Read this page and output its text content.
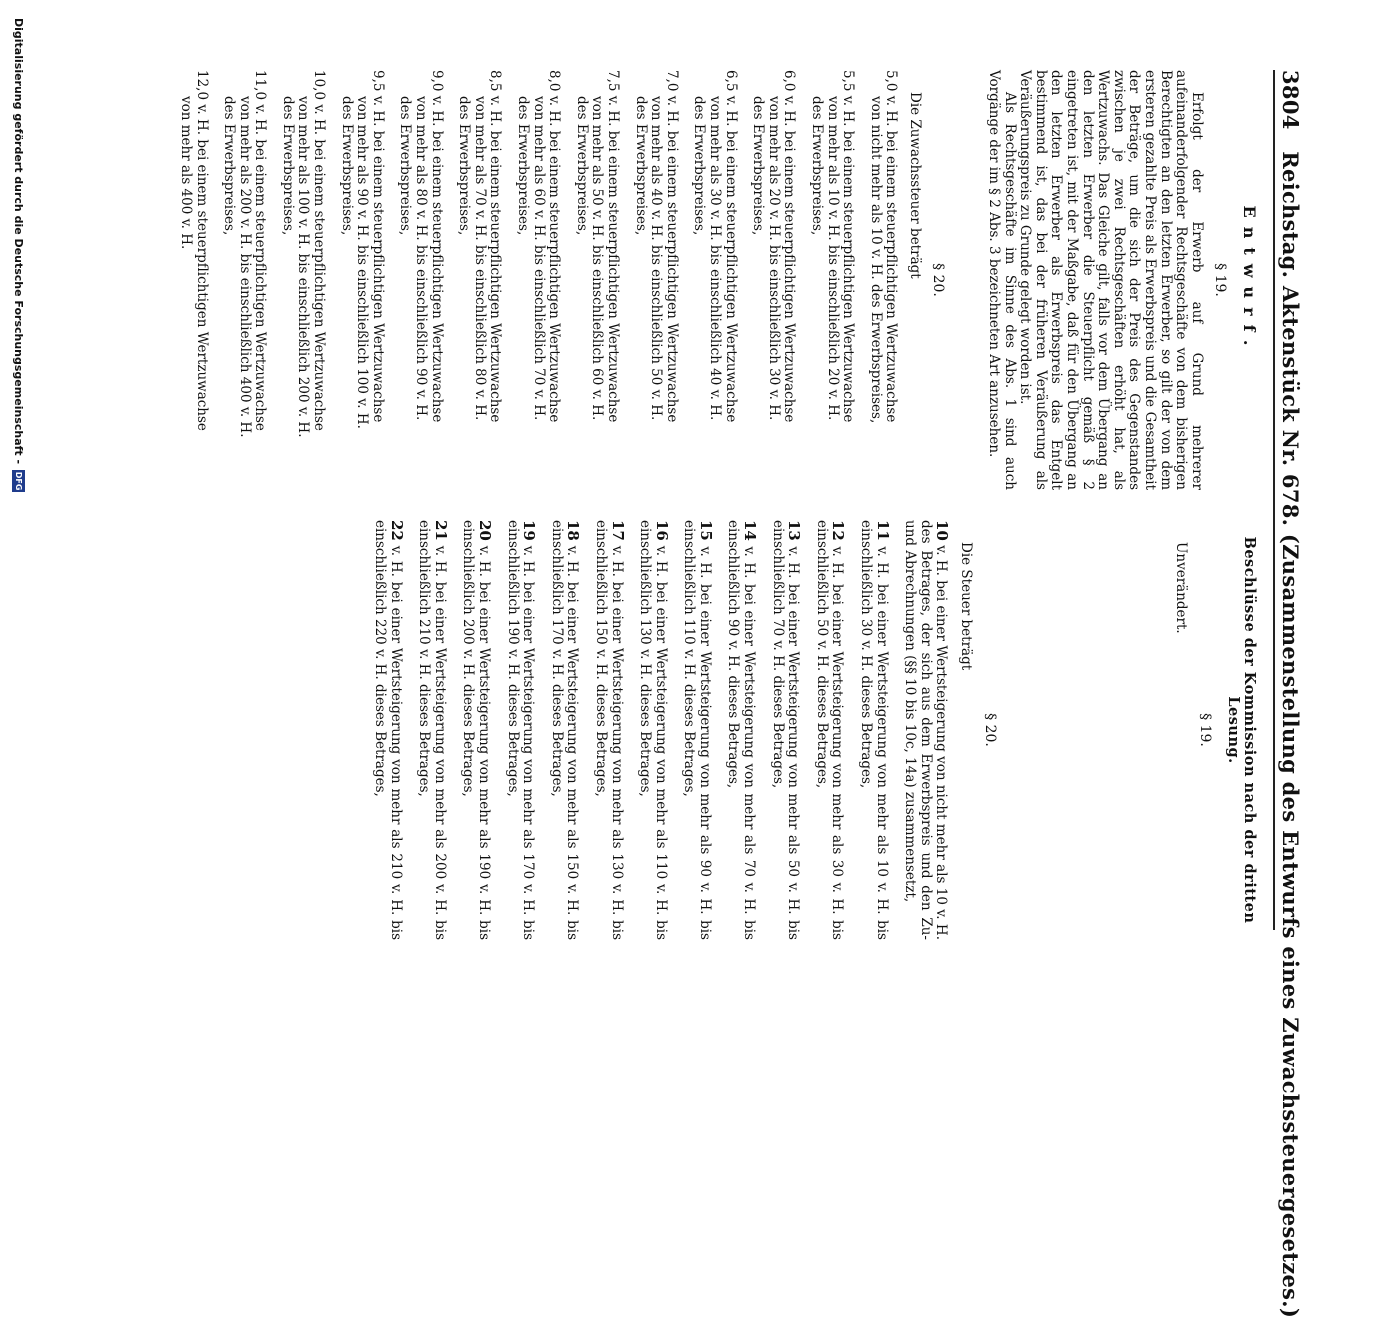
3804 Reichstag. Aktenstück Nr. 678. (Zusammenstellung des Entwurfs eines Zuwachssteuergesetzes.)
Entwurf.
§ 19.

Erfolgt der Erwerb auf Grund mehrerer aufeinanderfolgender Rechtsgeschäfte von dem bisherigen Berechtigten an den letzten Erwerber, so gilt der von dem ersteren gezahlte Preis als Erwerbspreis und die Gesamtheit der Beträge, um die sich der Preis des Gegenstandes zwischen je zwei Rechtsgeschäften erhöht hat, als Wertzuwachs. Das Gleiche gilt, falls vor dem Übergang an den letzten Erwerber die Steuerpflicht gemäß § 2 eingetreten ist, mit der Maßgabe, daß für den Übergang an den letzten Erwerber als Erwerbspreis das Entgelt bestimmend ist, das bei der früheren Veräußerung als Veräußerungspreis zu Grunde gelegt worden ist.

Als Rechtsgeschäfte im Sinne des Abs. 1 sind auch Vorgänge der im § 2 Abs. 3 bezeichneten Art anzusehen.

§ 20.

Die Zuwachssteuer beträgt

5,0 v. H. bei einem steuerpflichtigen Wertzuwachse
von nicht mehr als 10 v. H. des Erwerbspreises,
5,5 v. H. bei einem steuerpflichtigen Wertzuwachse
von mehr als 10 v. H. bis einschließlich 20 v. H.
des Erwerbspreises,
6,0 v. H. bei einem steuerpflichtigen Wertzuwachse
von mehr als 20 v. H. bis einschließlich 30 v. H.
des Erwerbspreises,
6,5 v. H. bei einem steuerpflichtigen Wertzuwachse
von mehr als 30 v. H. bis einschließlich 40 v. H.
des Erwerbspreises,
7,0 v. H. bei einem steuerpflichtigen Wertzuwachse
von mehr als 40 v. H. bis einschließlich 50 v. H.
des Erwerbspreises,
7,5 v. H. bei einem steuerpflichtigen Wertzuwachse
von mehr als 50 v. H. bis einschließlich 60 v. H.
des Erwerbspreises,
8,0 v. H. bei einem steuerpflichtigen Wertzuwachse
von mehr als 60 v. H. bis einschließlich 70 v. H.
des Erwerbspreises,
8,5 v. H. bei einem steuerpflichtigen Wertzuwachse
von mehr als 70 v. H. bis einschließlich 80 v. H.
des Erwerbspreises,
9,0 v. H. bei einem steuerpflichtigen Wertzuwachse
von mehr als 80 v. H. bis einschließlich 90 v. H.
des Erwerbspreises,
9,5 v. H. bei einem steuerpflichtigen Wertzuwachse
von mehr als 90 v. H. bis einschließlich 100 v. H.
des Erwerbspreises,
10,0 v. H. bei einem steuerpflichtigen Wertzuwachse
von mehr als 100 v. H. bis einschließlich 200 v. H.
des Erwerbspreises,
11,0 v. H. bei einem steuerpflichtigen Wertzuwachse
von mehr als 200 v. H. bis einschließlich 400 v. H.
des Erwerbspreises,
12,0 v. H. bei einem steuerpflichtigen Wertzuwachse
von mehr als 400 v. H.
Beschlüsse der Kommission nach der dritten Lesung.
§ 19.

Unverändert.

§ 20.

Die Steuer beträgt

10 v. H. bei einer Wertsteigerung von nicht mehr als 10 v. H. des Betrages, der sich aus dem Erwerbspreis und den Zu- und Abrechnungen (§§ 10 bis 10c, 14a) zusammensetzt,

11 v. H. bei einer Wertsteigerung von mehr als 10 v. H. bis einschließlich 30 v. H. dieses Betrages,

12 v. H. bei einer Wertsteigerung von mehr als 30 v. H. bis einschließlich 50 v. H. dieses Betrages,

13 v. H. bei einer Wertsteigerung von mehr als 50 v. H. bis einschließlich 70 v. H. dieses Betrages,

14 v. H. bei einer Wertsteigerung von mehr als 70 v. H. bis einschließlich 90 v. H. dieses Betrages,

15 v. H. bei einer Wertsteigerung von mehr als 90 v. H. bis einschließlich 110 v. H. dieses Betrages,

16 v. H. bei einer Wertsteigerung von mehr als 110 v. H. bis einschließlich 130 v. H. dieses Betrages,

17 v. H. bei einer Wertsteigerung von mehr als 130 v. H. bis einschließlich 150 v. H. dieses Betrages,

18 v. H. bei einer Wertsteigerung von mehr als 150 v. H. bis einschließlich 170 v. H. dieses Betrages,

19 v. H. bei einer Wertsteigerung von mehr als 170 v. H. bis einschließlich 190 v. H. dieses Betrages,

20 v. H. bei einer Wertsteigerung von mehr als 190 v. H. bis einschließlich 200 v. H. dieses Betrages,

21 v. H. bei einer Wertsteigerung von mehr als 200 v. H. bis einschließlich 210 v. H. dieses Betrages,

22 v. H. bei einer Wertsteigerung von mehr als 210 v. H. bis einschließlich 220 v. H. dieses Betrages,

Digitalisierung gefördert durch die Deutsche Forschungsgemeinschaft -
DFG
